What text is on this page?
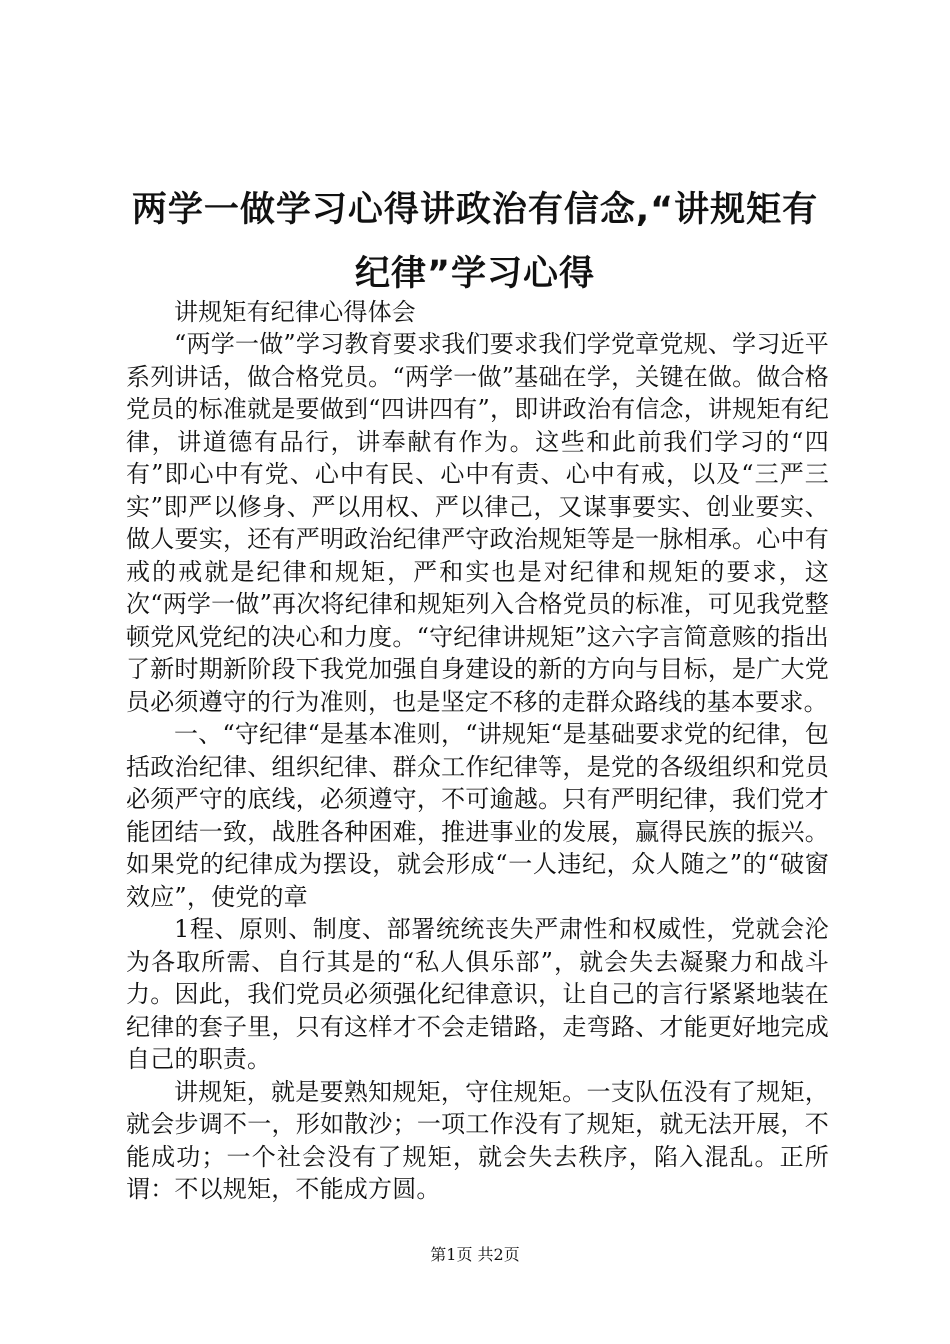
两学一做学习心得讲政治有信念,“讲规矩有纪律”学习心得

讲规矩有纪律心得体会

“两学一做”学习教育要求我们要求我们学党章党规、学习近平系列讲话，做合格党员。“两学一做”基础在学，关键在做。做合格党员的标准就是要做到“四讲四有”，即讲政治有信念，讲规矩有纪律，讲道德有品行，讲奉献有作为。这些和此前我们学习的“四有”即心中有党、心中有民、心中有责、心中有戒，以及“三严三实”即严以修身、严以用权、严以律己，又谋事要实、创业要实、做人要实，还有严明政治纪律严守政治规矩等是一脉相承。心中有戒的戒就是纪律和规矩，严和实也是对纪律和规矩的要求，这次“两学一做”再次将纪律和规矩列入合格党员的标准，可见我党整顿党风党纪的决心和力度。“守纪律讲规矩”这六字言简意赅的指出了新时期新阶段下我党加强自身建设的新的方向与目标，是广大党员必须遵守的行为准则，也是坚定不移的走群众路线的基本要求。

一、“守纪律“是基本准则，“讲规矩“是基础要求党的纪律，包括政治纪律、组织纪律、群众工作纪律等，是党的各级组织和党员必须严守的底线，必须遵守，不可逾越。只有严明纪律，我们党才能团结一致，战胜各种困难，推进事业的发展，赢得民族的振兴。如果党的纪律成为摆设，就会形成“一人违纪，众人随之”的“破窗效应”，使党的章

1程、原则、制度、部署统统丧失严肃性和权威性，党就会沦为各取所需、自行其是的“私人俱乐部”，就会失去凝聚力和战斗力。因此，我们党员必须强化纪律意识，让自己的言行紧紧地装在纪律的套子里，只有这样才不会走错路，走弯路、才能更好地完成自己的职责。

讲规矩，就是要熟知规矩，守住规矩。一支队伍没有了规矩，就会步调不一，形如散沙；一项工作没有了规矩，就无法开展，不能成功；一个社会没有了规矩，就会失去秩序，陷入混乱。正所谓：不以规矩，不能成方圆。

第1页 共2页
